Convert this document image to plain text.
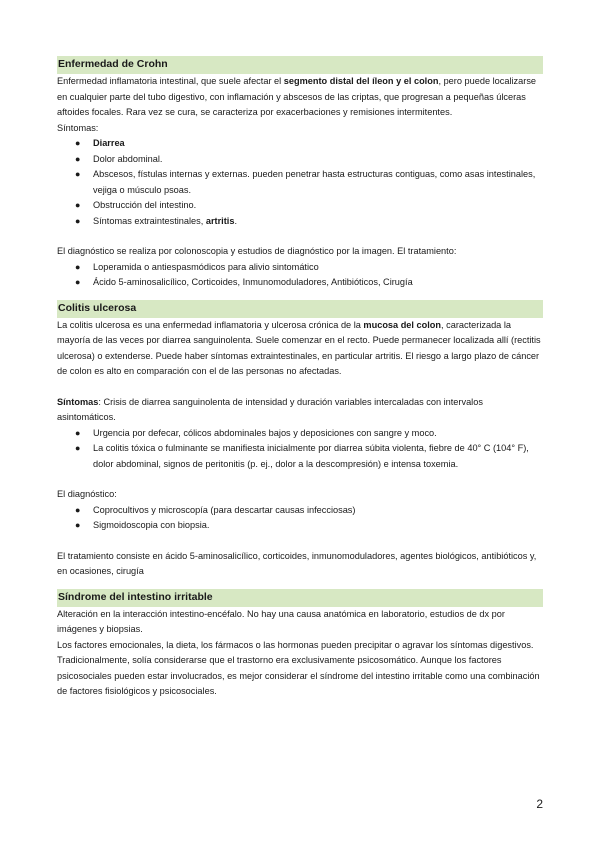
Enfermedad de Crohn

Enfermedad inflamatoria intestinal, que suele afectar el segmento distal del íleon y el colon, pero puede localizarse en cualquier parte del tubo digestivo, con inflamación y abscesos de las criptas, que progresan a pequeñas úlceras aftoides focales. Rara vez se cura, se caracteriza por exacerbaciones y remisiones intermitentes.

Síntomas:

● Diarrea
● Dolor abdominal.
● Abscesos, fístulas internas y externas. pueden penetrar hasta estructuras contiguas, como asas intestinales, vejiga o músculo psoas.
● Obstrucción del intestino.
● Síntomas extraintestinales, artritis.

El diagnóstico se realiza por colonoscopia y estudios de diagnóstico por la imagen. El tratamiento:

● Loperamida o antiespasmódicos para alivio sintomático
● Ácido 5-aminosalicílico, Corticoides, Inmunomoduladores, Antibióticos, Cirugía
Colitis ulcerosa

La colitis ulcerosa es una enfermedad inflamatoria y ulcerosa crónica de la mucosa del colon, caracterizada la mayoría de las veces por diarrea sanguinolenta. Suele comenzar en el recto. Puede permanecer localizada allí (rectitis ulcerosa) o extenderse. Puede haber síntomas extraintestinales, en particular artritis. El riesgo a largo plazo de cáncer de colon es alto en comparación con el de las personas no afectadas.

Síntomas: Crisis de diarrea sanguinolenta de intensidad y duración variables intercaladas con intervalos asintomáticos.

● Urgencia por defecar, cólicos abdominales bajos y deposiciones con sangre y moco.
● La colitis tóxica o fulminante se manifiesta inicialmente por diarrea súbita violenta, fiebre de 40° C (104° F), dolor abdominal, signos de peritonitis (p. ej., dolor a la descompresión) e intensa toxemia.

El diagnóstico:

● Coprocultivos y microscopía (para descartar causas infecciosas)
● Sigmoidoscopia con biopsia.

El tratamiento consiste en ácido 5-aminosalicílico, corticoides, inmunomoduladores, agentes biológicos, antibióticos y, en ocasiones, cirugía

Síndrome del intestino irritable

Alteración en la interacción intestino-encéfalo. No hay una causa anatómica en laboratorio, estudios de dx por imágenes y biopsias.

Los factores emocionales, la dieta, los fármacos o las hormonas pueden precipitar o agravar los síntomas digestivos. Tradicionalmente, solía considerarse que el trastorno era exclusivamente psicosomático. Aunque los factores psicosociales pueden estar involucrados, es mejor considerar el síndrome del intestino irritable como una combinación de factores fisiológicos y psicosociales.

2
